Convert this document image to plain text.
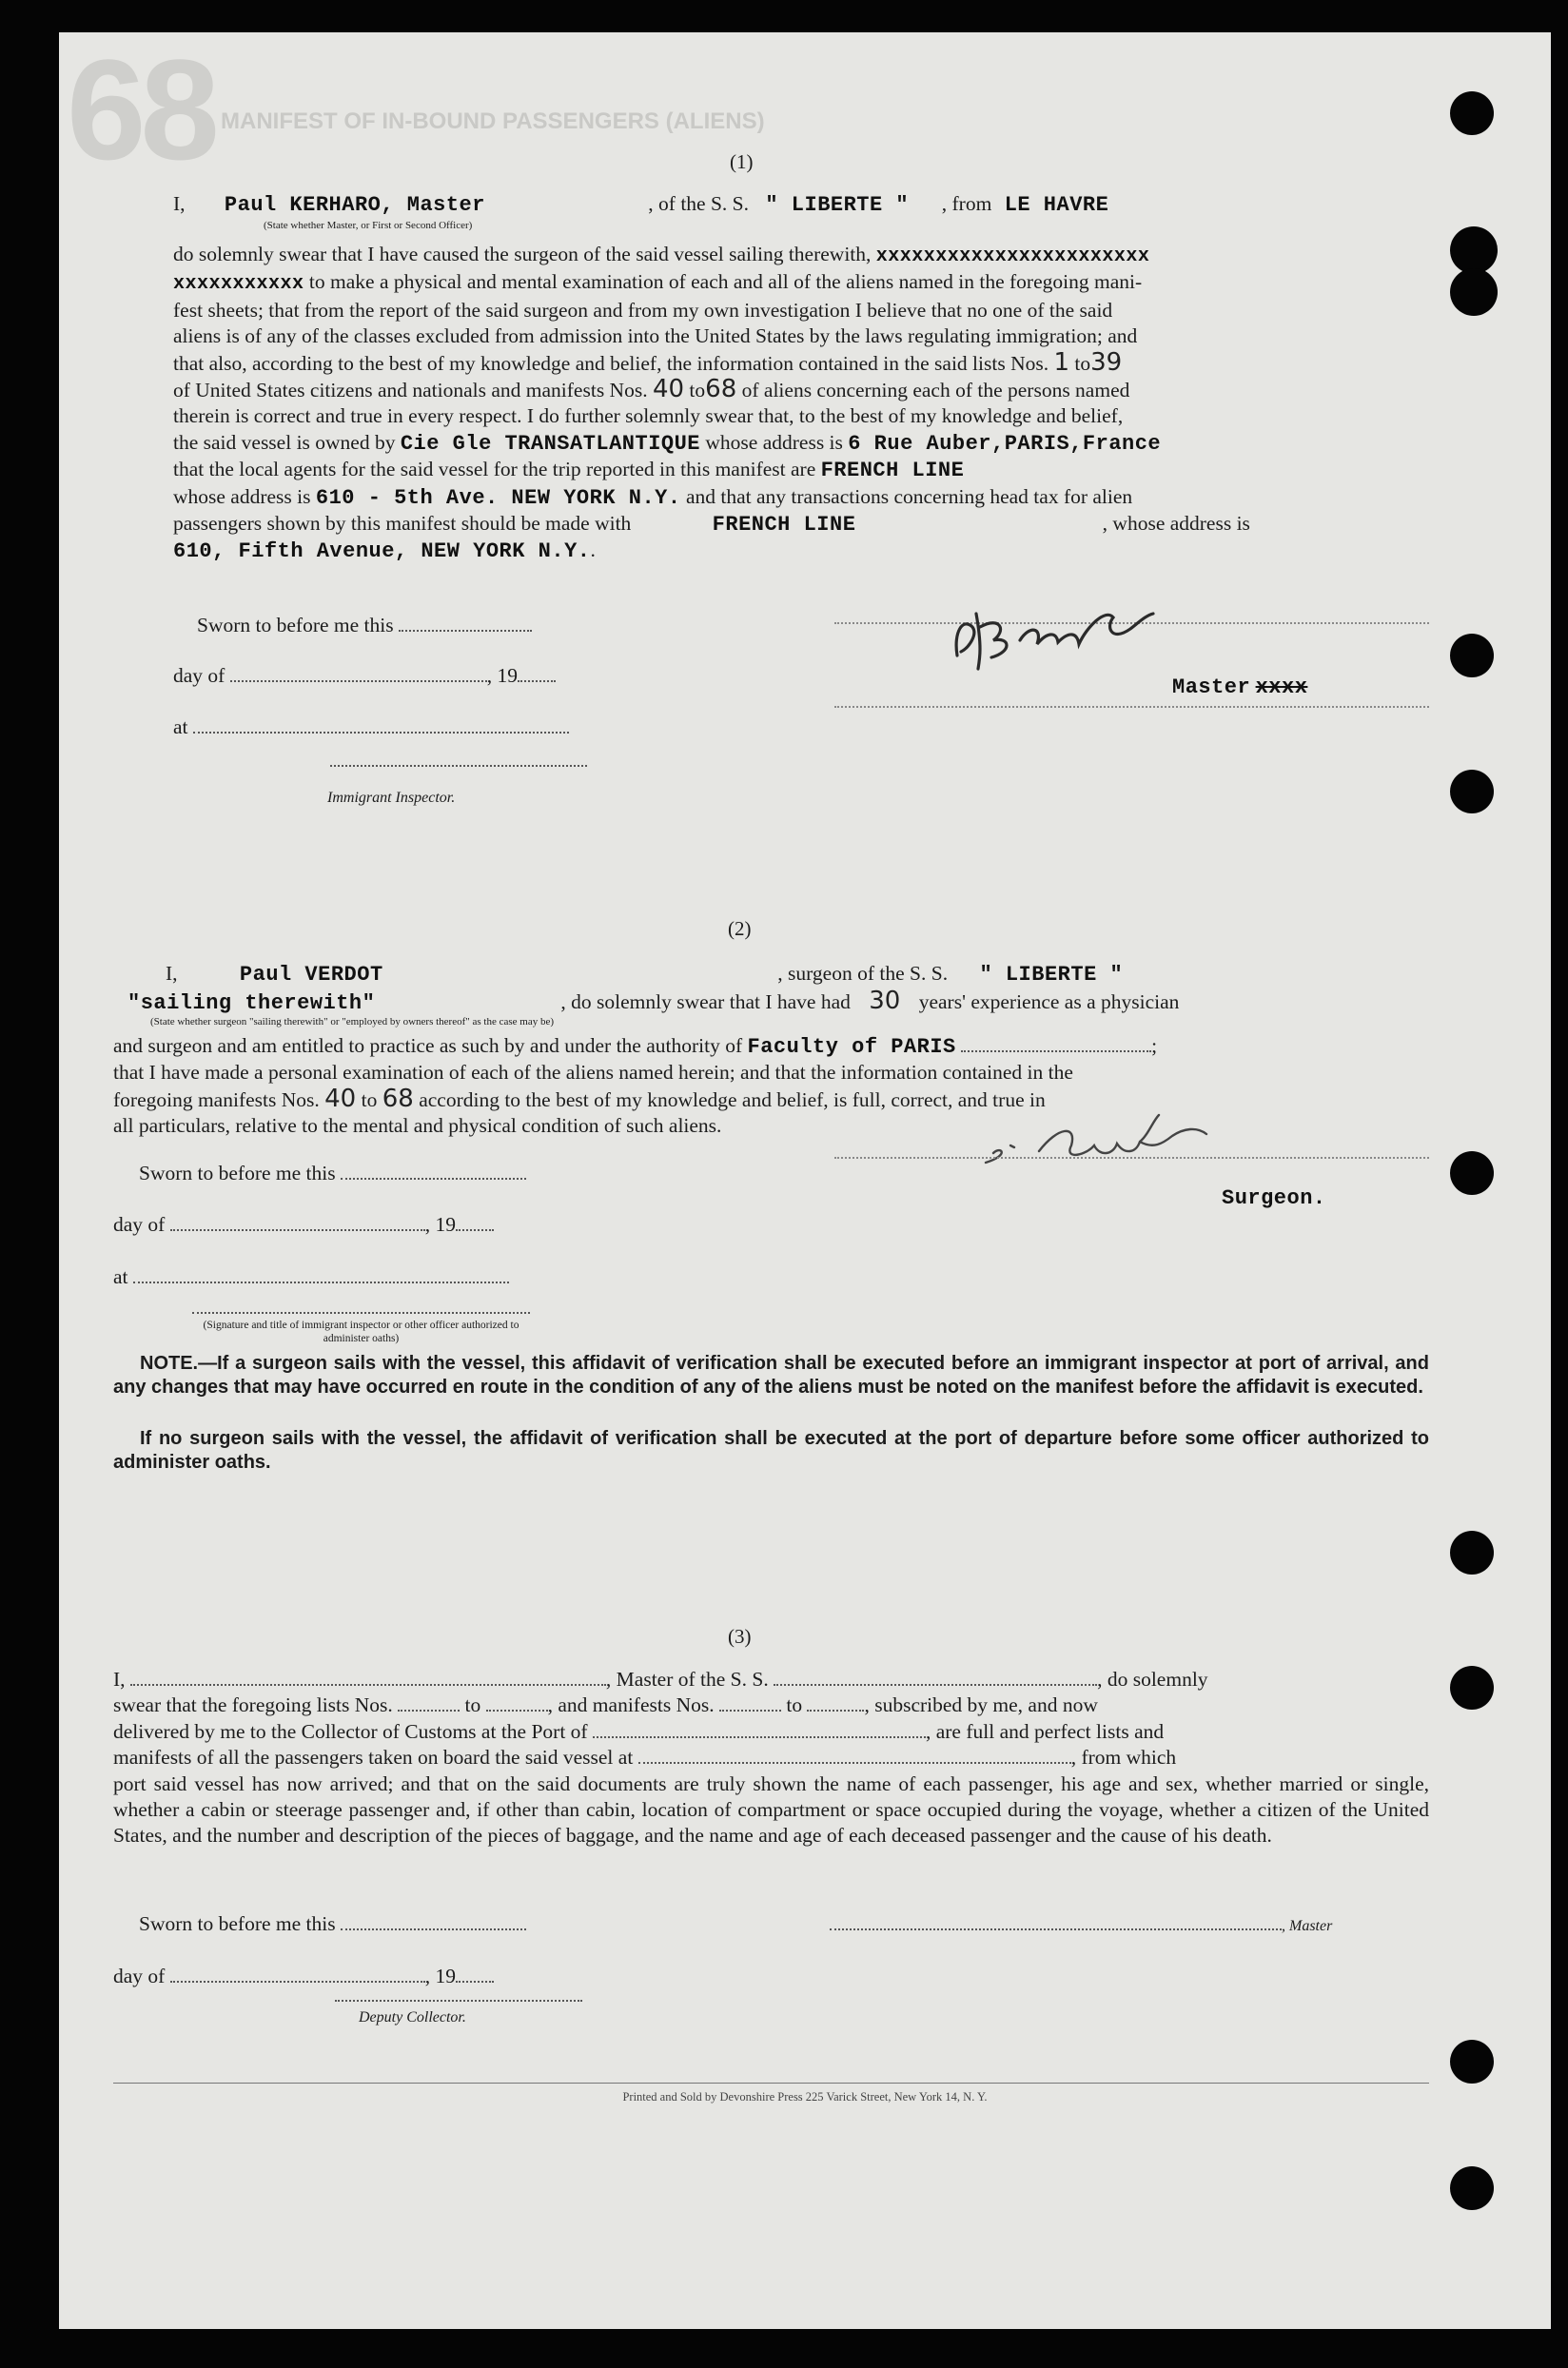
68 MANIFEST OF IN-BOUND PASSENGERS (ALIENS)
(1)
I, Paul KERHARO, Master	, of the S. S. " LIBERTE " , from LE HAVRE
(State whether Master, or First or Second Officer)
do solemnly swear that I have caused the surgeon of the said vessel sailing therewith, xxxxxxxxxxxxxxxxxxxxxxx
xxxxxxxxxxx to make a physical and mental examination of each and all of the aliens named in the foregoing mani-
fest sheets; that from the report of the said surgeon and from my own investigation I believe that no one of the said
aliens is of any of the classes excluded from admission into the United States by the laws regulating immigration; and
that also, according to the best of my knowledge and belief, the information contained in the said lists Nos. 1 to39
of United States citizens and nationals and manifests Nos. 40 to68 of aliens concerning each of the persons named
therein is correct and true in every respect. I do further solemnly swear that, to the best of my knowledge and belief,
the said vessel is owned by Cie Gle TRANSATLANTIQUE whose address is 6 Rue Auber,PARIS,France
that the local agents for the said vessel for the trip reported in this manifest are FRENCH LINE
whose address is 610 - 5th Ave. NEW YORK N.Y. and that any transactions concerning head tax for alien
passengers shown by this manifest should be made with	FRENCH LINE	, whose address is
610, Fifth Avenue, NEW YORK N.Y..
Sworn to before me this
day of	, 19
at
Immigrant Inspector.
Master xxxx
(2)
I,	Paul VERDOT	, surgeon of the S. S. " LIBERTE "
"sailing therewith"	, do solemnly swear that I have had 30 years' experience as a physician
(State whether surgeon "sailing therewith" or "employed by owners thereof" as the case may be)
and surgeon and am entitled to practice as such by and under the authority of Faculty of PARIS	;
that I have made a personal examination of each of the aliens named herein; and that the information contained in the
foregoing manifests Nos. 40 to 68 according to the best of my knowledge and belief, is full, correct, and true in
all particulars, relative to the mental and physical condition of such aliens.
Surgeon.
Sworn to before me this
day of	, 19
at
(Signature and title of immigrant inspector or other officer authorized to administer oaths)
NOTE.—If a surgeon sails with the vessel, this affidavit of verification shall be executed before an immigrant inspector at port of arrival, and any changes that may have occurred en route in the condition of any of the aliens must be noted on the manifest before the affidavit is executed.
If no surgeon sails with the vessel, the affidavit of verification shall be executed at the port of departure before some officer authorized to administer oaths.
(3)
I,	, Master of the S. S.	, do solemnly
swear that the foregoing lists Nos.	to	, and manifests Nos.	to	, subscribed by me, and now
delivered by me to the Collector of Customs at the Port of	, are full and perfect lists and
manifests of all the passengers taken on board the said vessel at	, from which
port said vessel has now arrived; and that on the said documents are truly shown the name of each passenger, his age and sex, whether married or single, whether a cabin or steerage passenger and, if other than cabin, location of compartment or space occupied during the voyage, whether a citizen of the United States, and the number and description of the pieces of baggage, and the name and age of each deceased passenger and the cause of his death.
Sworn to before me this	, Master
day of	, 19
Deputy Collector.
Printed and Sold by Devonshire Press 225 Varick Street, New York 14, N. Y.
